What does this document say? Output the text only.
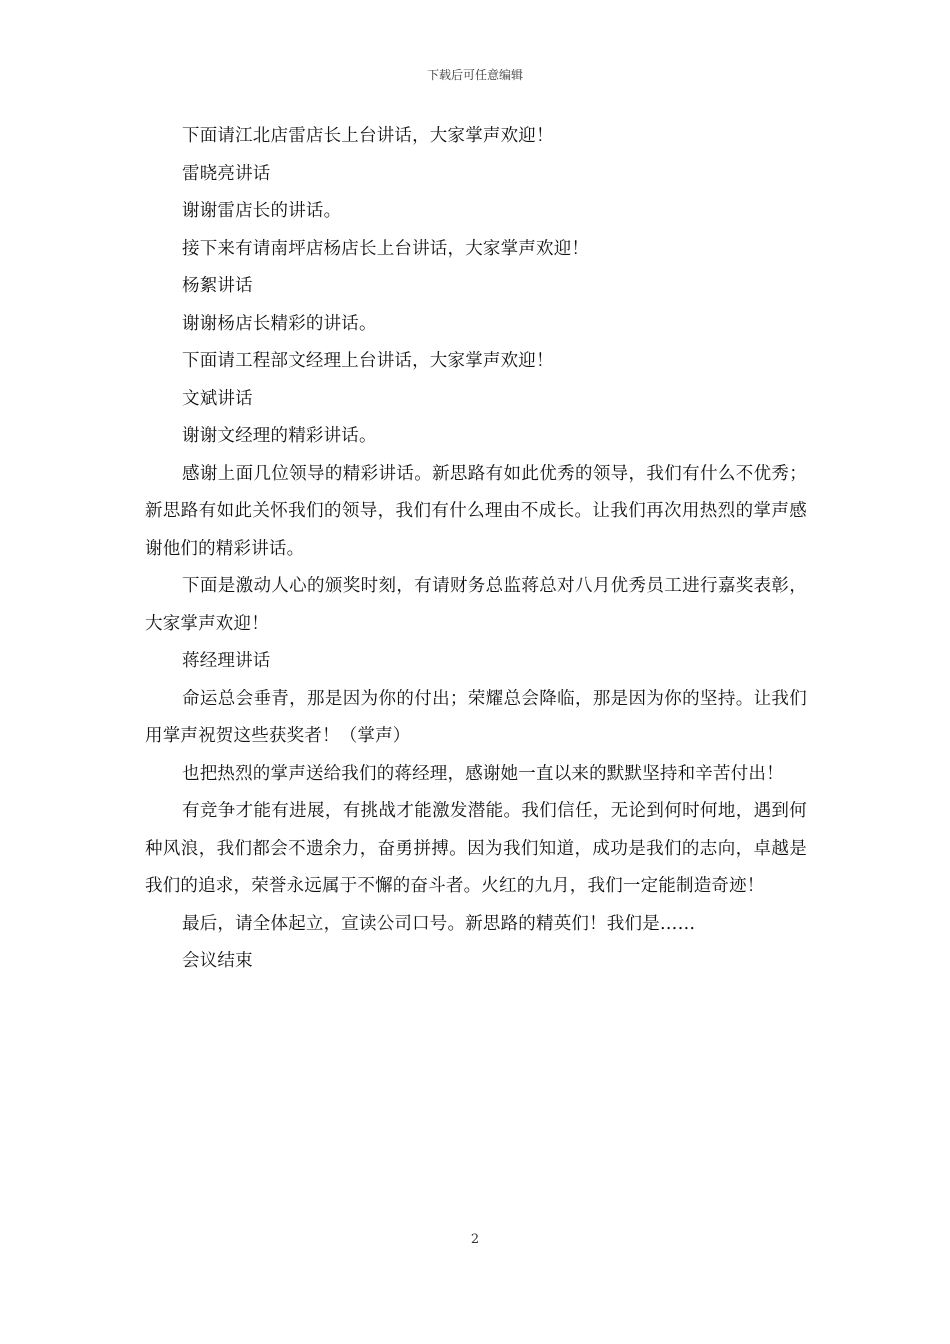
下载后可任意编辑

下面请江北店雷店长上台讲话，大家掌声欢迎！

雷晓亮讲话

谢谢雷店长的讲话。

接下来有请南坪店杨店长上台讲话，大家掌声欢迎！

杨絮讲话

谢谢杨店长精彩的讲话。

下面请工程部文经理上台讲话，大家掌声欢迎！

文斌讲话

谢谢文经理的精彩讲话。

感谢上面几位领导的精彩讲话。新思路有如此优秀的领导，我们有什么不优秀；新思路有如此关怀我们的领导，我们有什么理由不成长。让我们再次用热烈的掌声感谢他们的精彩讲话。

下面是激动人心的颁奖时刻，有请财务总监蒋总对八月优秀员工进行嘉奖表彰，大家掌声欢迎！

蒋经理讲话

命运总会垂青，那是因为你的付出；荣耀总会降临，那是因为你的坚持。让我们用掌声祝贺这些获奖者！（掌声）

也把热烈的掌声送给我们的蒋经理，感谢她一直以来的默默坚持和辛苦付出！

有竞争才能有进展，有挑战才能激发潜能。我们信任，无论到何时何地，遇到何种风浪，我们都会不遗余力，奋勇拼搏。因为我们知道，成功是我们的志向，卓越是我们的追求，荣誉永远属于不懈的奋斗者。火红的九月，我们一定能制造奇迹！

最后，请全体起立，宣读公司口号。新思路的精英们！我们是……

会议结束

2
